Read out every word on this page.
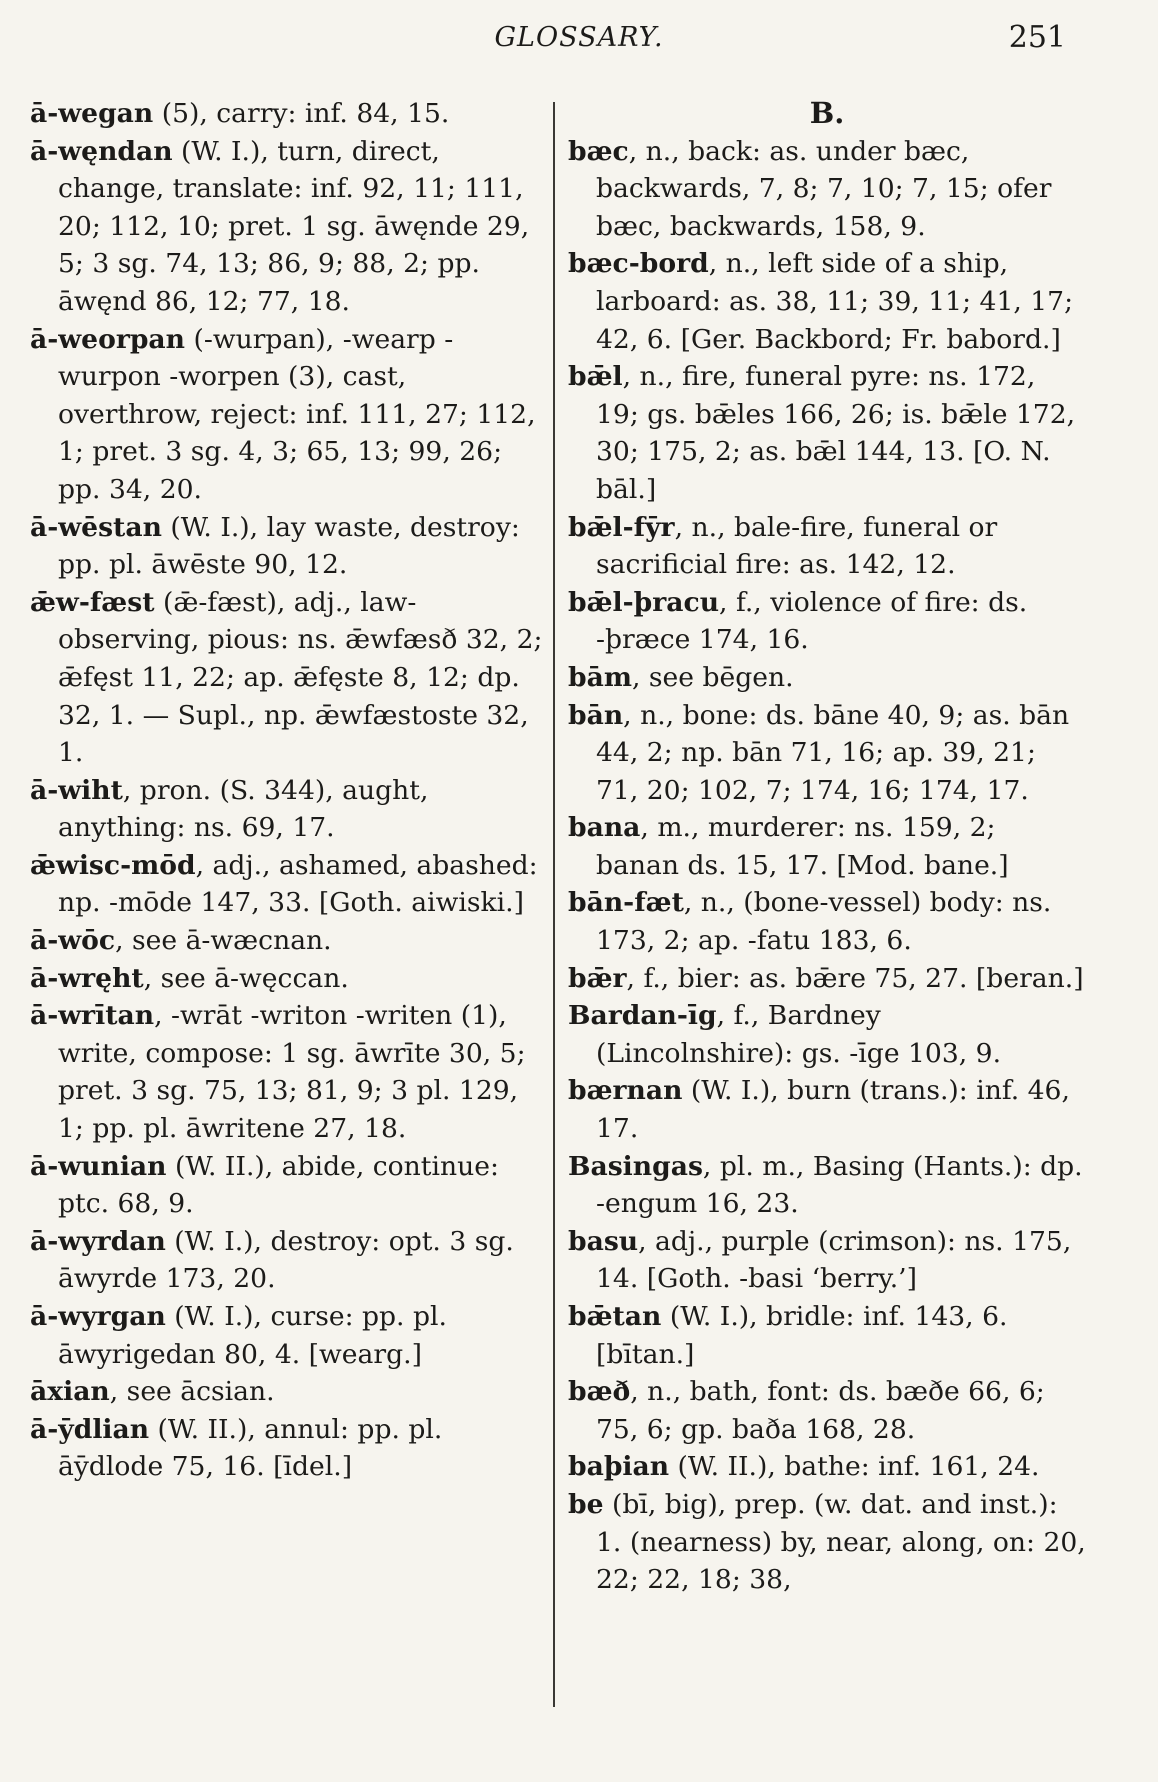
GLOSSARY.	251

ā-wegan (5), carry: inf. 84, 15.

ā-węndan (W. I.), turn, direct, change, translate: inf. 92, 11; 111, 20; 112, 10; pret. 1 sg. āwęnde 29, 5; 3 sg. 74, 13; 86, 9; 88, 2; pp. āwęnd 86, 12; 77, 18.

ā-weorpan (-wurpan), -wearp -wurpon -worpen (3), cast, overthrow, reject: inf. 111, 27; 112, 1; pret. 3 sg. 4, 3; 65, 13; 99, 26; pp. 34, 20.

ā-wēstan (W. I.), lay waste, destroy: pp. pl. āwēste 90, 12.

ǣw-fæst (ǣ-fæst), adj., law-observing, pious: ns. ǣwfæsð 32, 2; ǣfęst 11, 22; ap. ǣfęste 8, 12; dp. 32, 1. — Supl., np. ǣwfæstoste 32, 1.

ā-wiht, pron. (S. 344), aught, anything: ns. 69, 17.

ǣwisc-mōd, adj., ashamed, abashed: np. -mōde 147, 33. [Goth. aiwiski.]

ā-wōc, see ā-wæcnan.

ā-wręht, see ā-węccan.

ā-wrītan, -wrāt -writon -writen (1), write, compose: 1 sg. āwrīte 30, 5; pret. 3 sg. 75, 13; 81, 9; 3 pl. 129, 1; pp. pl. āwritene 27, 18.

ā-wunian (W. II.), abide, continue: ptc. 68, 9.

ā-wyrdan (W. I.), destroy: opt. 3 sg. āwyrde 173, 20.

ā-wyrgan (W. I.), curse: pp. pl. āwyrigedan 80, 4. [wearg.]

āxian, see ācsian.

ā-ȳdlian (W. II.), annul: pp. pl. āȳdlode 75, 16. [īdel.]

B.

bæc, n., back: as. under bæc, backwards, 7, 8; 7, 10; 7, 15; ofer bæc, backwards, 158, 9.

bæc-bord, n., left side of a ship, larboard: as. 38, 11; 39, 11; 41, 17; 42, 6. [Ger. Backbord; Fr. babord.]

bǣl, n., fire, funeral pyre: ns. 172, 19; gs. bǣles 166, 26; is. bǣle 172, 30; 175, 2; as. bǣl 144, 13. [O. N. bāl.]

bǣl-fȳr, n., bale-fire, funeral or sacrificial fire: as. 142, 12.

bǣl-þracu, f., violence of fire: ds. -þræce 174, 16.

bām, see bēgen.

bān, n., bone: ds. bāne 40, 9; as. bān 44, 2; np. bān 71, 16; ap. 39, 21; 71, 20; 102, 7; 174, 16; 174, 17.

bana, m., murderer: ns. 159, 2; banan ds. 15, 17. [Mod. bane.]

bān-fæt, n., (bone-vessel) body: ns. 173, 2; ap. -fatu 183, 6.

bǣr, f., bier: as. bǣre 75, 27. [beran.]

Bardan-īg, f., Bardney (Lincolnshire): gs. -īge 103, 9.

bærnan (W. I.), burn (trans.): inf. 46, 17.

Basingas, pl. m., Basing (Hants.): dp. -engum 16, 23.

basu, adj., purple (crimson): ns. 175, 14. [Goth. -basi ‘berry.’]

bǣtan (W. I.), bridle: inf. 143, 6. [bītan.]

bæð, n., bath, font: ds. bæðe 66, 6; 75, 6; gp. baða 168, 28.

baþian (W. II.), bathe: inf. 161, 24.

be (bī, big), prep. (w. dat. and inst.): 1. (nearness) by, near, along, on: 20, 22; 22, 18; 38,
